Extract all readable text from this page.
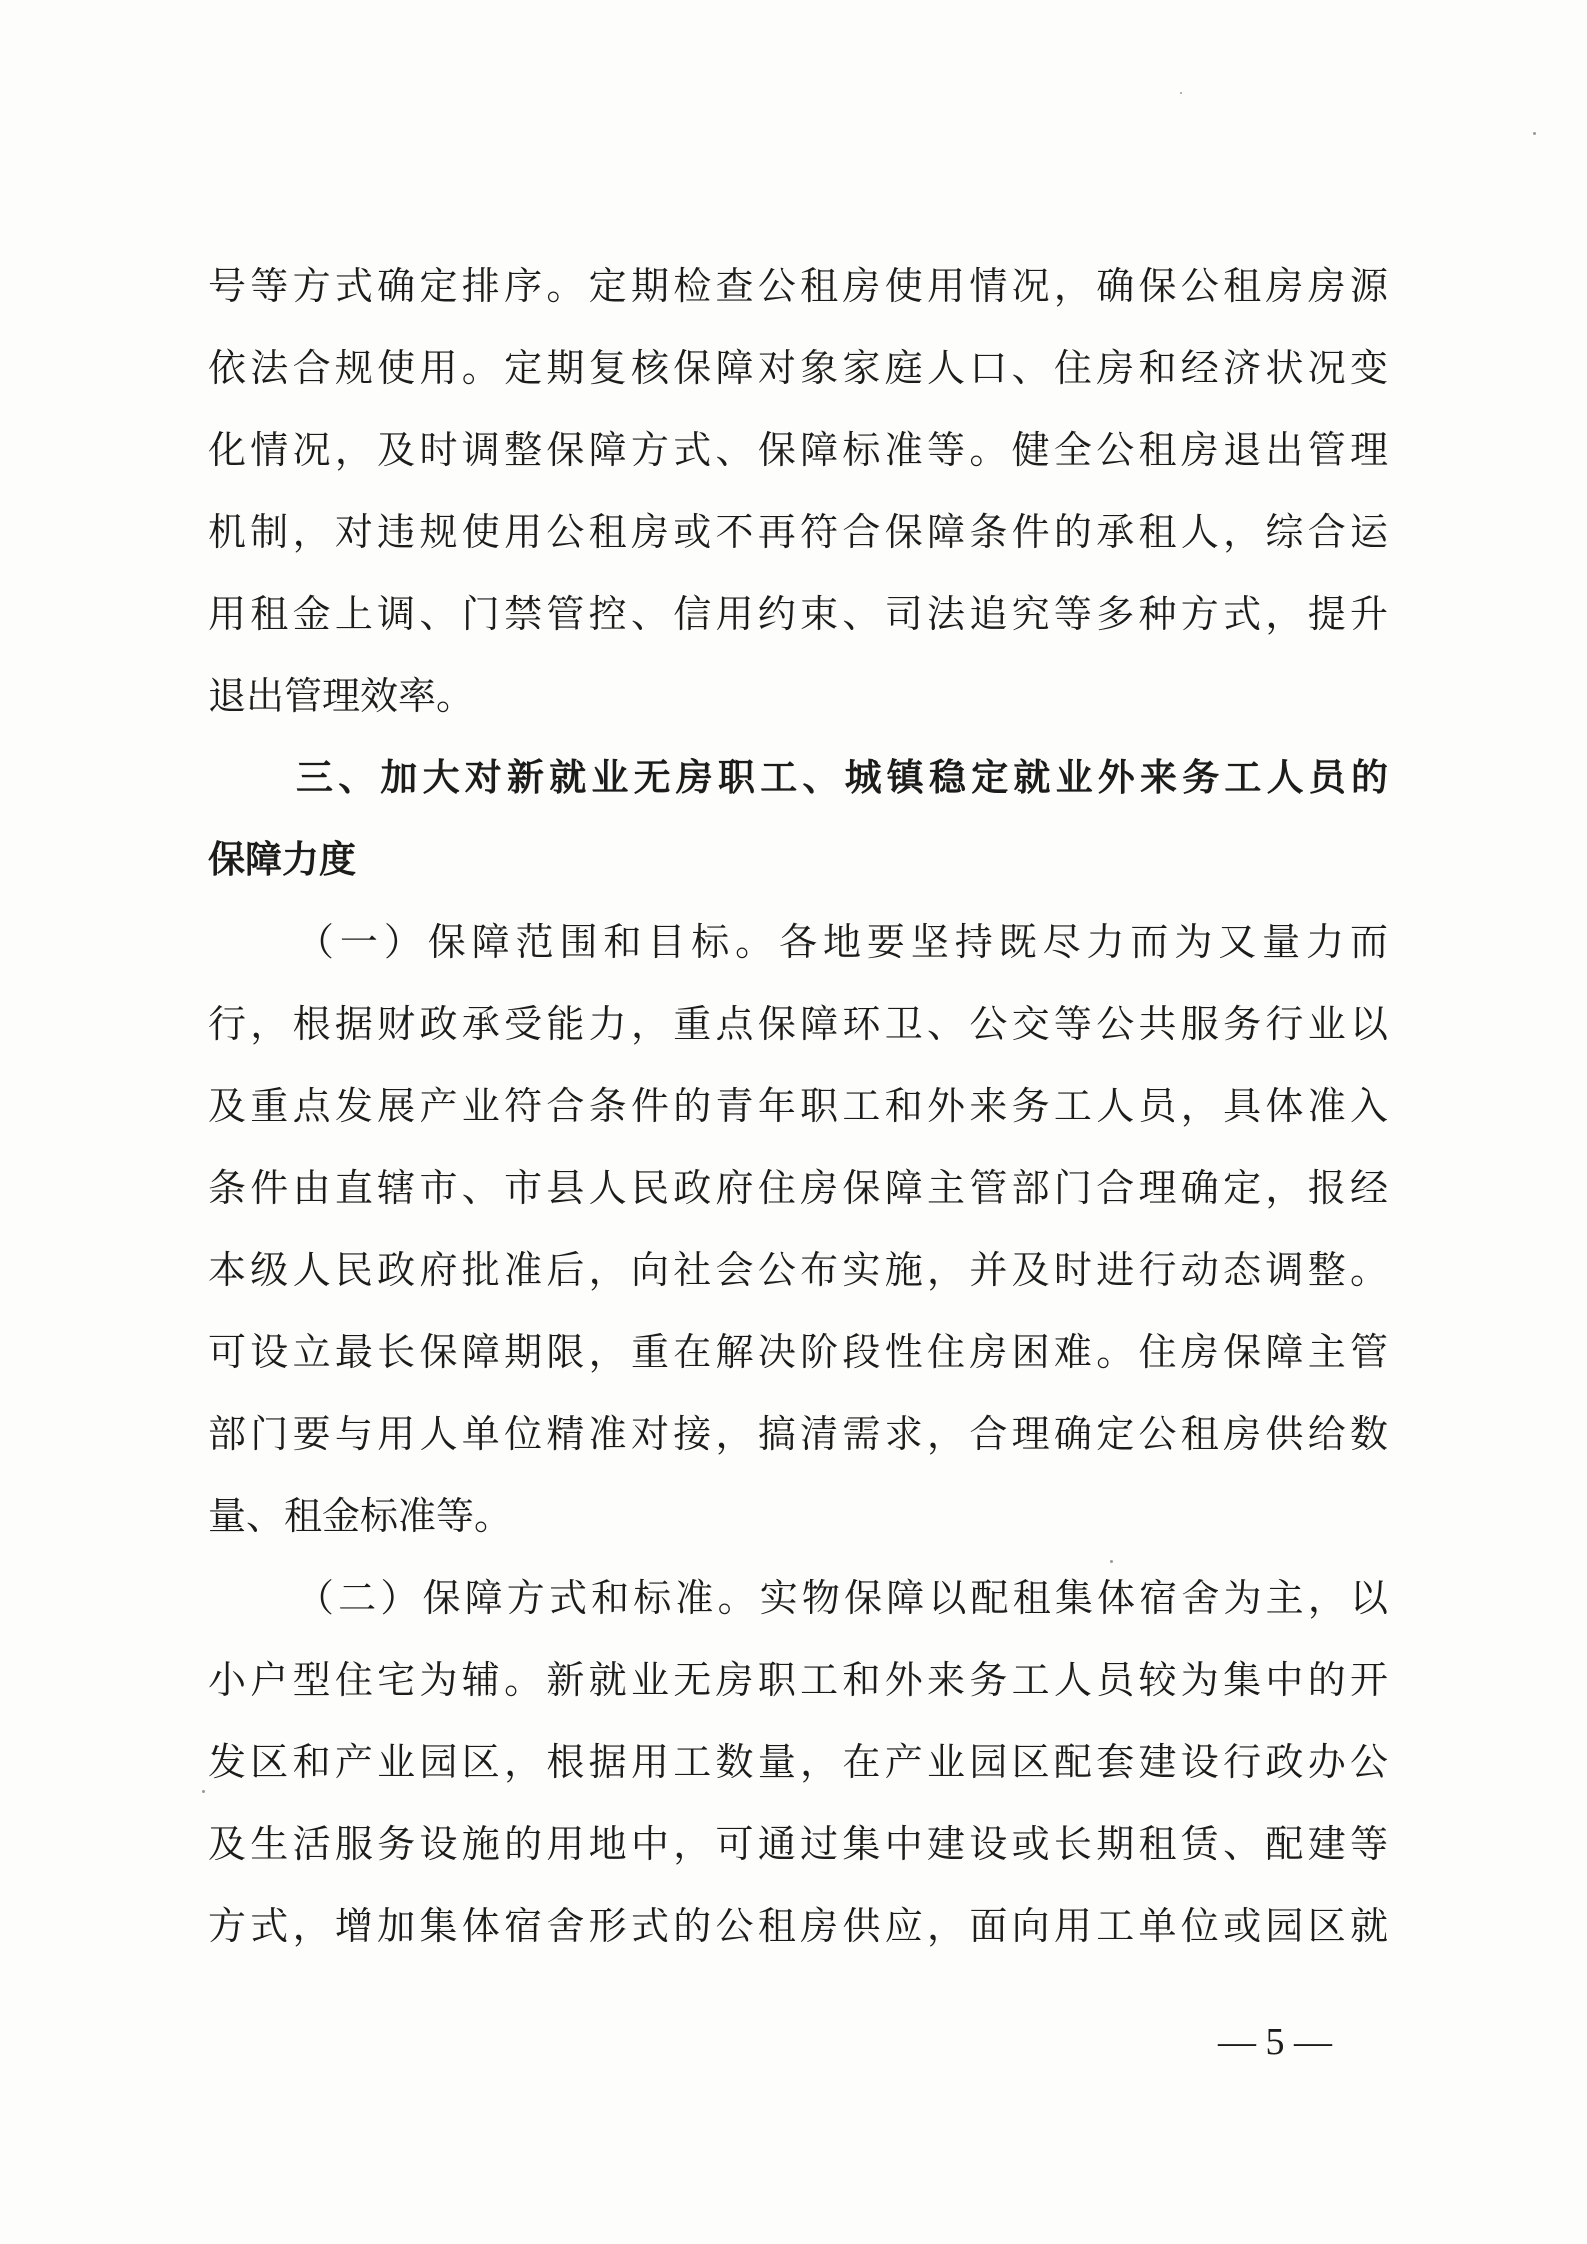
号等方式确定排序。定期检查公租房使用情况，确保公租房房源
依法合规使用。定期复核保障对象家庭人口、住房和经济状况变
化情况，及时调整保障方式、保障标准等。健全公租房退出管理
机制，对违规使用公租房或不再符合保障条件的承租人，综合运
用租金上调、门禁管控、信用约束、司法追究等多种方式，提升
退出管理效率。
三、加大对新就业无房职工、城镇稳定就业外来务工人员的
保障力度
（一）保障范围和目标。各地要坚持既尽力而为又量力而
行，根据财政承受能力，重点保障环卫、公交等公共服务行业以
及重点发展产业符合条件的青年职工和外来务工人员，具体准入
条件由直辖市、市县人民政府住房保障主管部门合理确定，报经
本级人民政府批准后，向社会公布实施，并及时进行动态调整。
可设立最长保障期限，重在解决阶段性住房困难。住房保障主管
部门要与用人单位精准对接，搞清需求，合理确定公租房供给数
量、租金标准等。
（二）保障方式和标准。实物保障以配租集体宿舍为主，以
小户型住宅为辅。新就业无房职工和外来务工人员较为集中的开
发区和产业园区，根据用工数量，在产业园区配套建设行政办公
及生活服务设施的用地中，可通过集中建设或长期租赁、配建等
方式，增加集体宿舍形式的公租房供应，面向用工单位或园区就
— 5 —
